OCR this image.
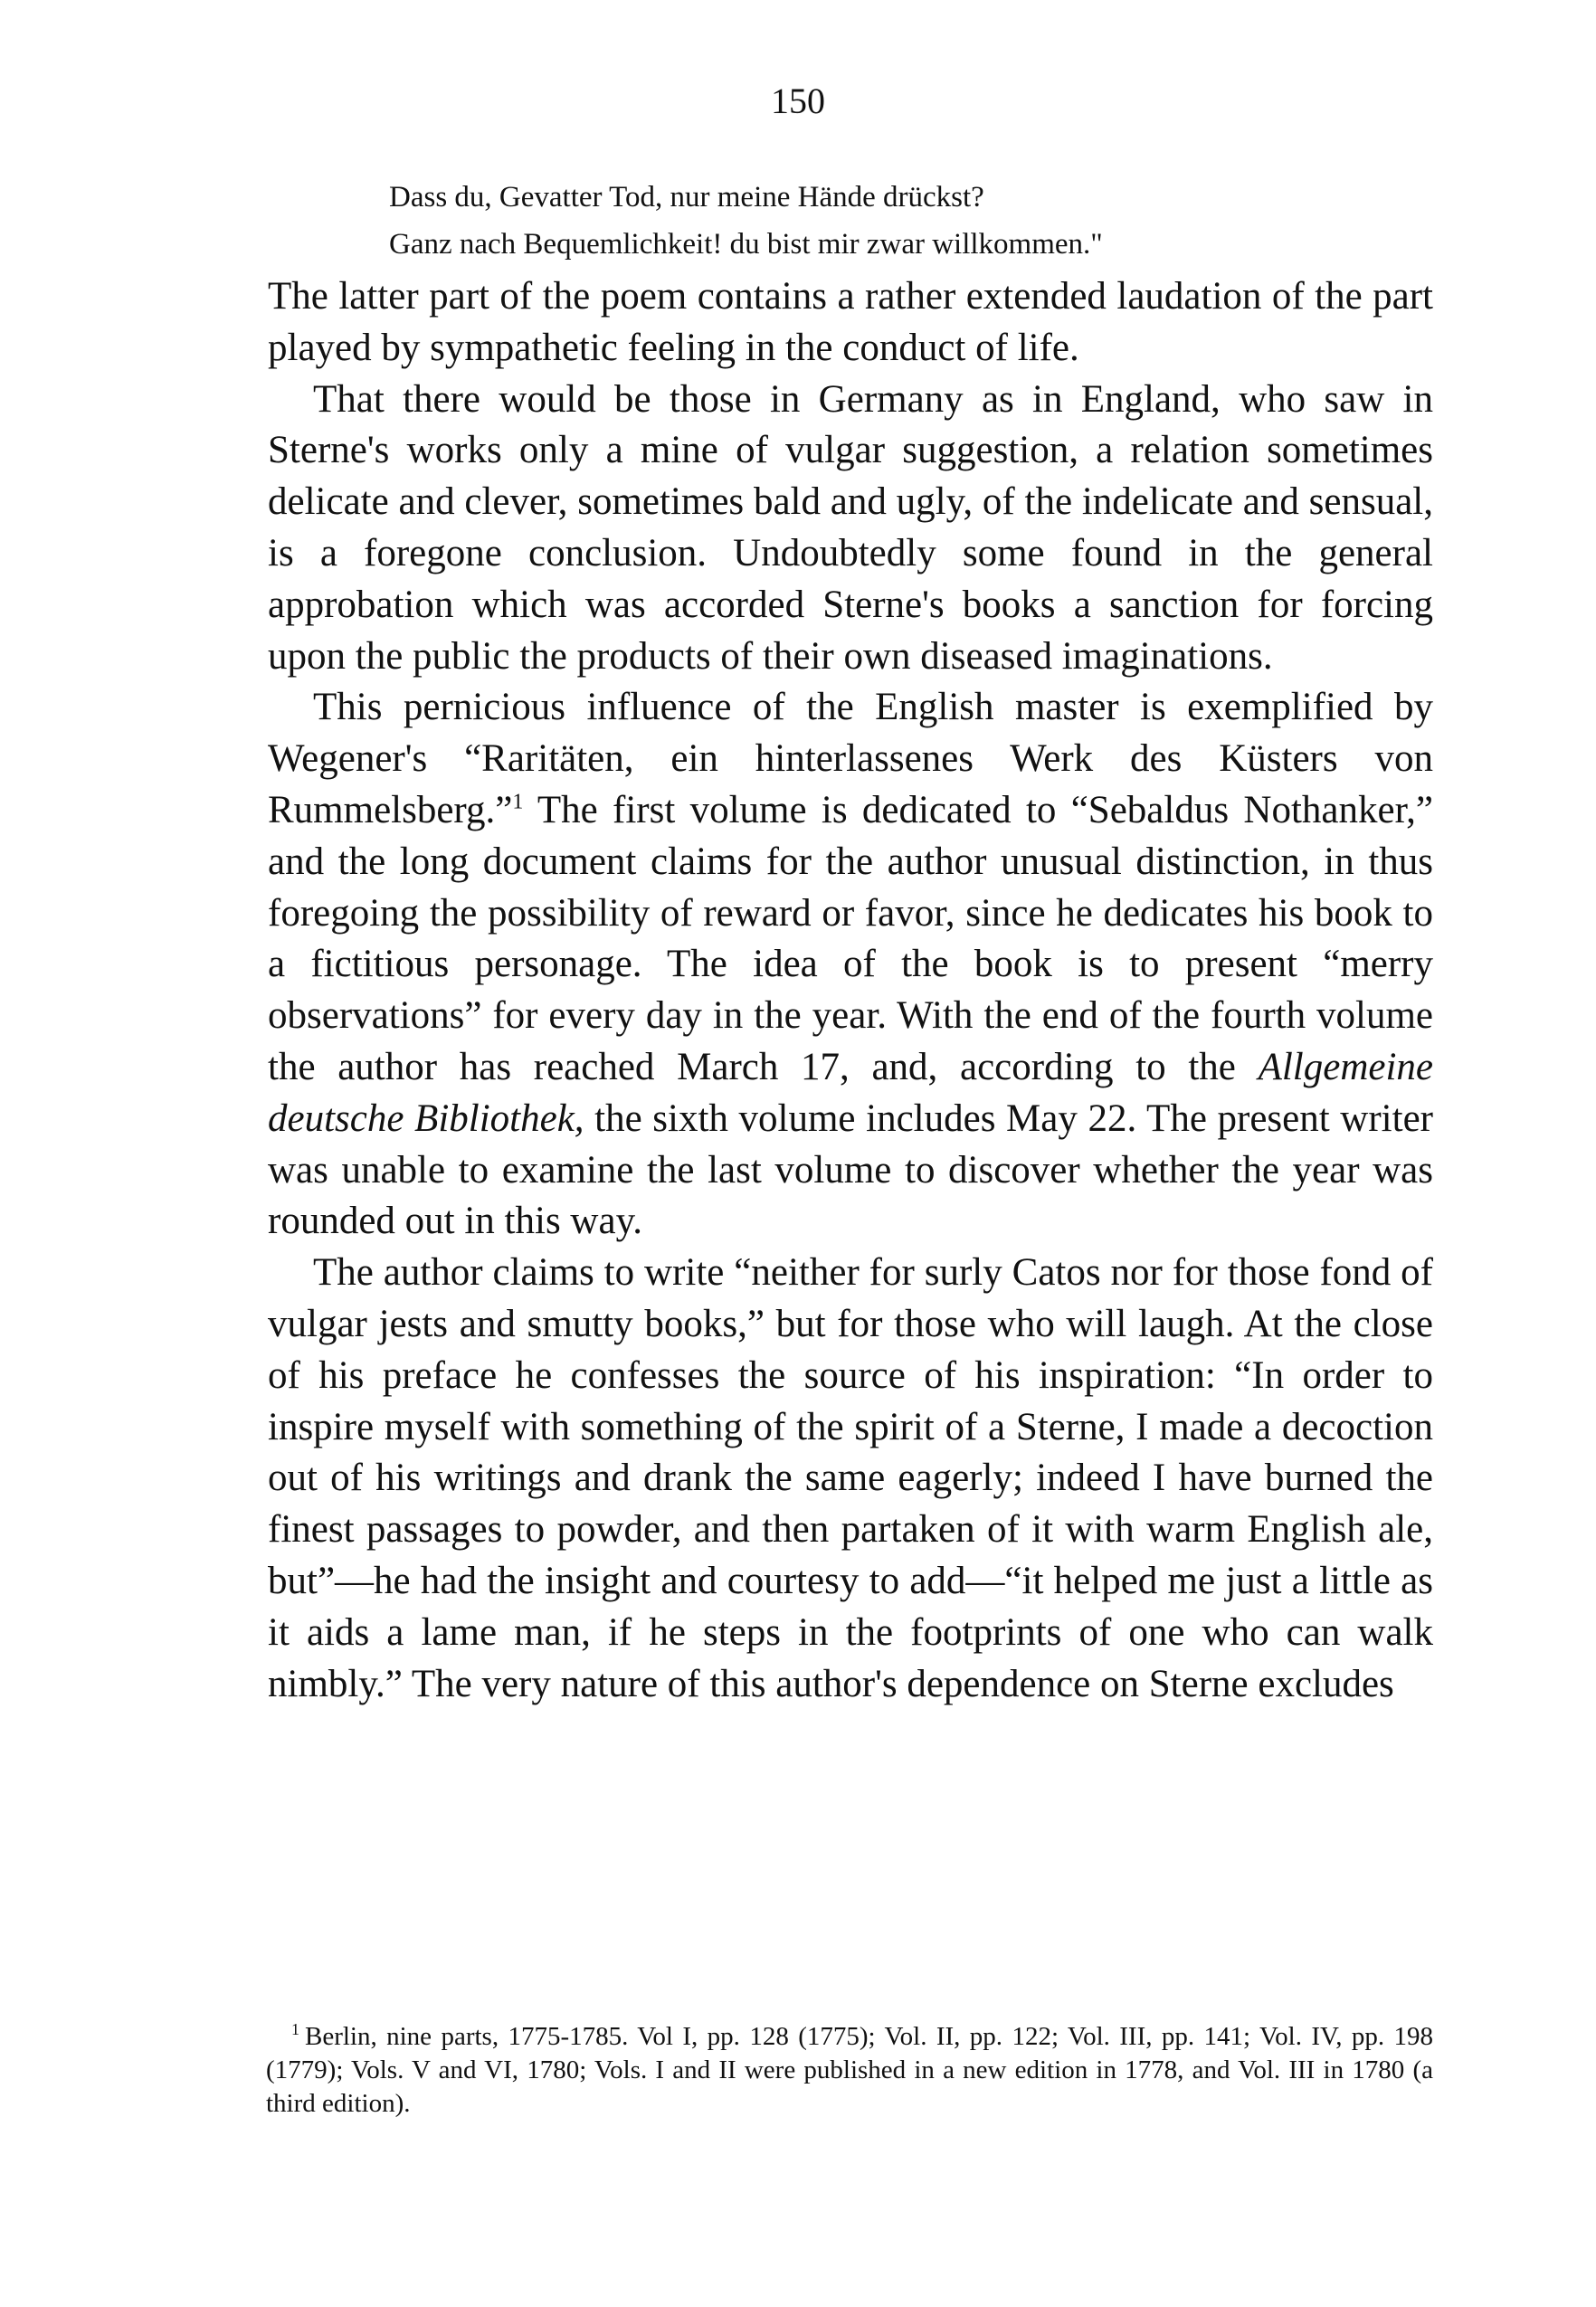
150
Dass du, Gevatter Tod, nur meine Hände drückst?
Ganz nach Bequemlichkeit! du bist mir zwar willkommen."

The latter part of the poem contains a rather extended laudation of the part played by sympathetic feeling in the conduct of life.

That there would be those in Germany as in England, who saw in Sterne's works only a mine of vulgar suggestion, a relation sometimes delicate and clever, sometimes bald and ugly, of the indelicate and sensual, is a foregone conclusion. Undoubtedly some found in the general approbation which was accorded Sterne's books a sanction for forcing upon the public the products of their own diseased imaginations.

This pernicious influence of the English master is exemplified by Wegener's “Raritäten, ein hinterlassenes Werk des Küsters von Rummelsberg.”$^1$ The first volume is dedicated to “Sebaldus Nothanker,” and the long document claims for the author unusual distinction, in thus foregoing the possibility of reward or favor, since he dedicates his book to a fictitious personage. The idea of the book is to present “merry observations” for every day in the year. With the end of the fourth volume the author has reached March 17, and, according to the Allgemeine deutsche Bibliothek, the sixth volume includes May 22. The present writer was unable to examine the last volume to discover whether the year was rounded out in this way.

The author claims to write “neither for surly Catos nor for those fond of vulgar jests and smutty books,” but for those who will laugh. At the close of his preface he confesses the source of his inspiration: “In order to inspire myself with something of the spirit of a Sterne, I made a decoction out of his writings and drank the same eagerly; indeed I have burned the finest passages to powder, and then partaken of it with warm English ale, but”—he had the insight and courtesy to add—“it helped me just a little as it aids a lame man, if he steps in the footprints of one who can walk nimbly.” The very nature of this author's dependence on Sterne excludes

$^1$ Berlin, nine parts, 1775-1785. Vol I, pp. 128 (1775); Vol. II, pp. 122; Vol. III, pp. 141; Vol. IV, pp. 198 (1779); Vols. V and VI, 1780; Vols. I and II were published in a new edition in 1778, and Vol. III in 1780 (a third edition).
